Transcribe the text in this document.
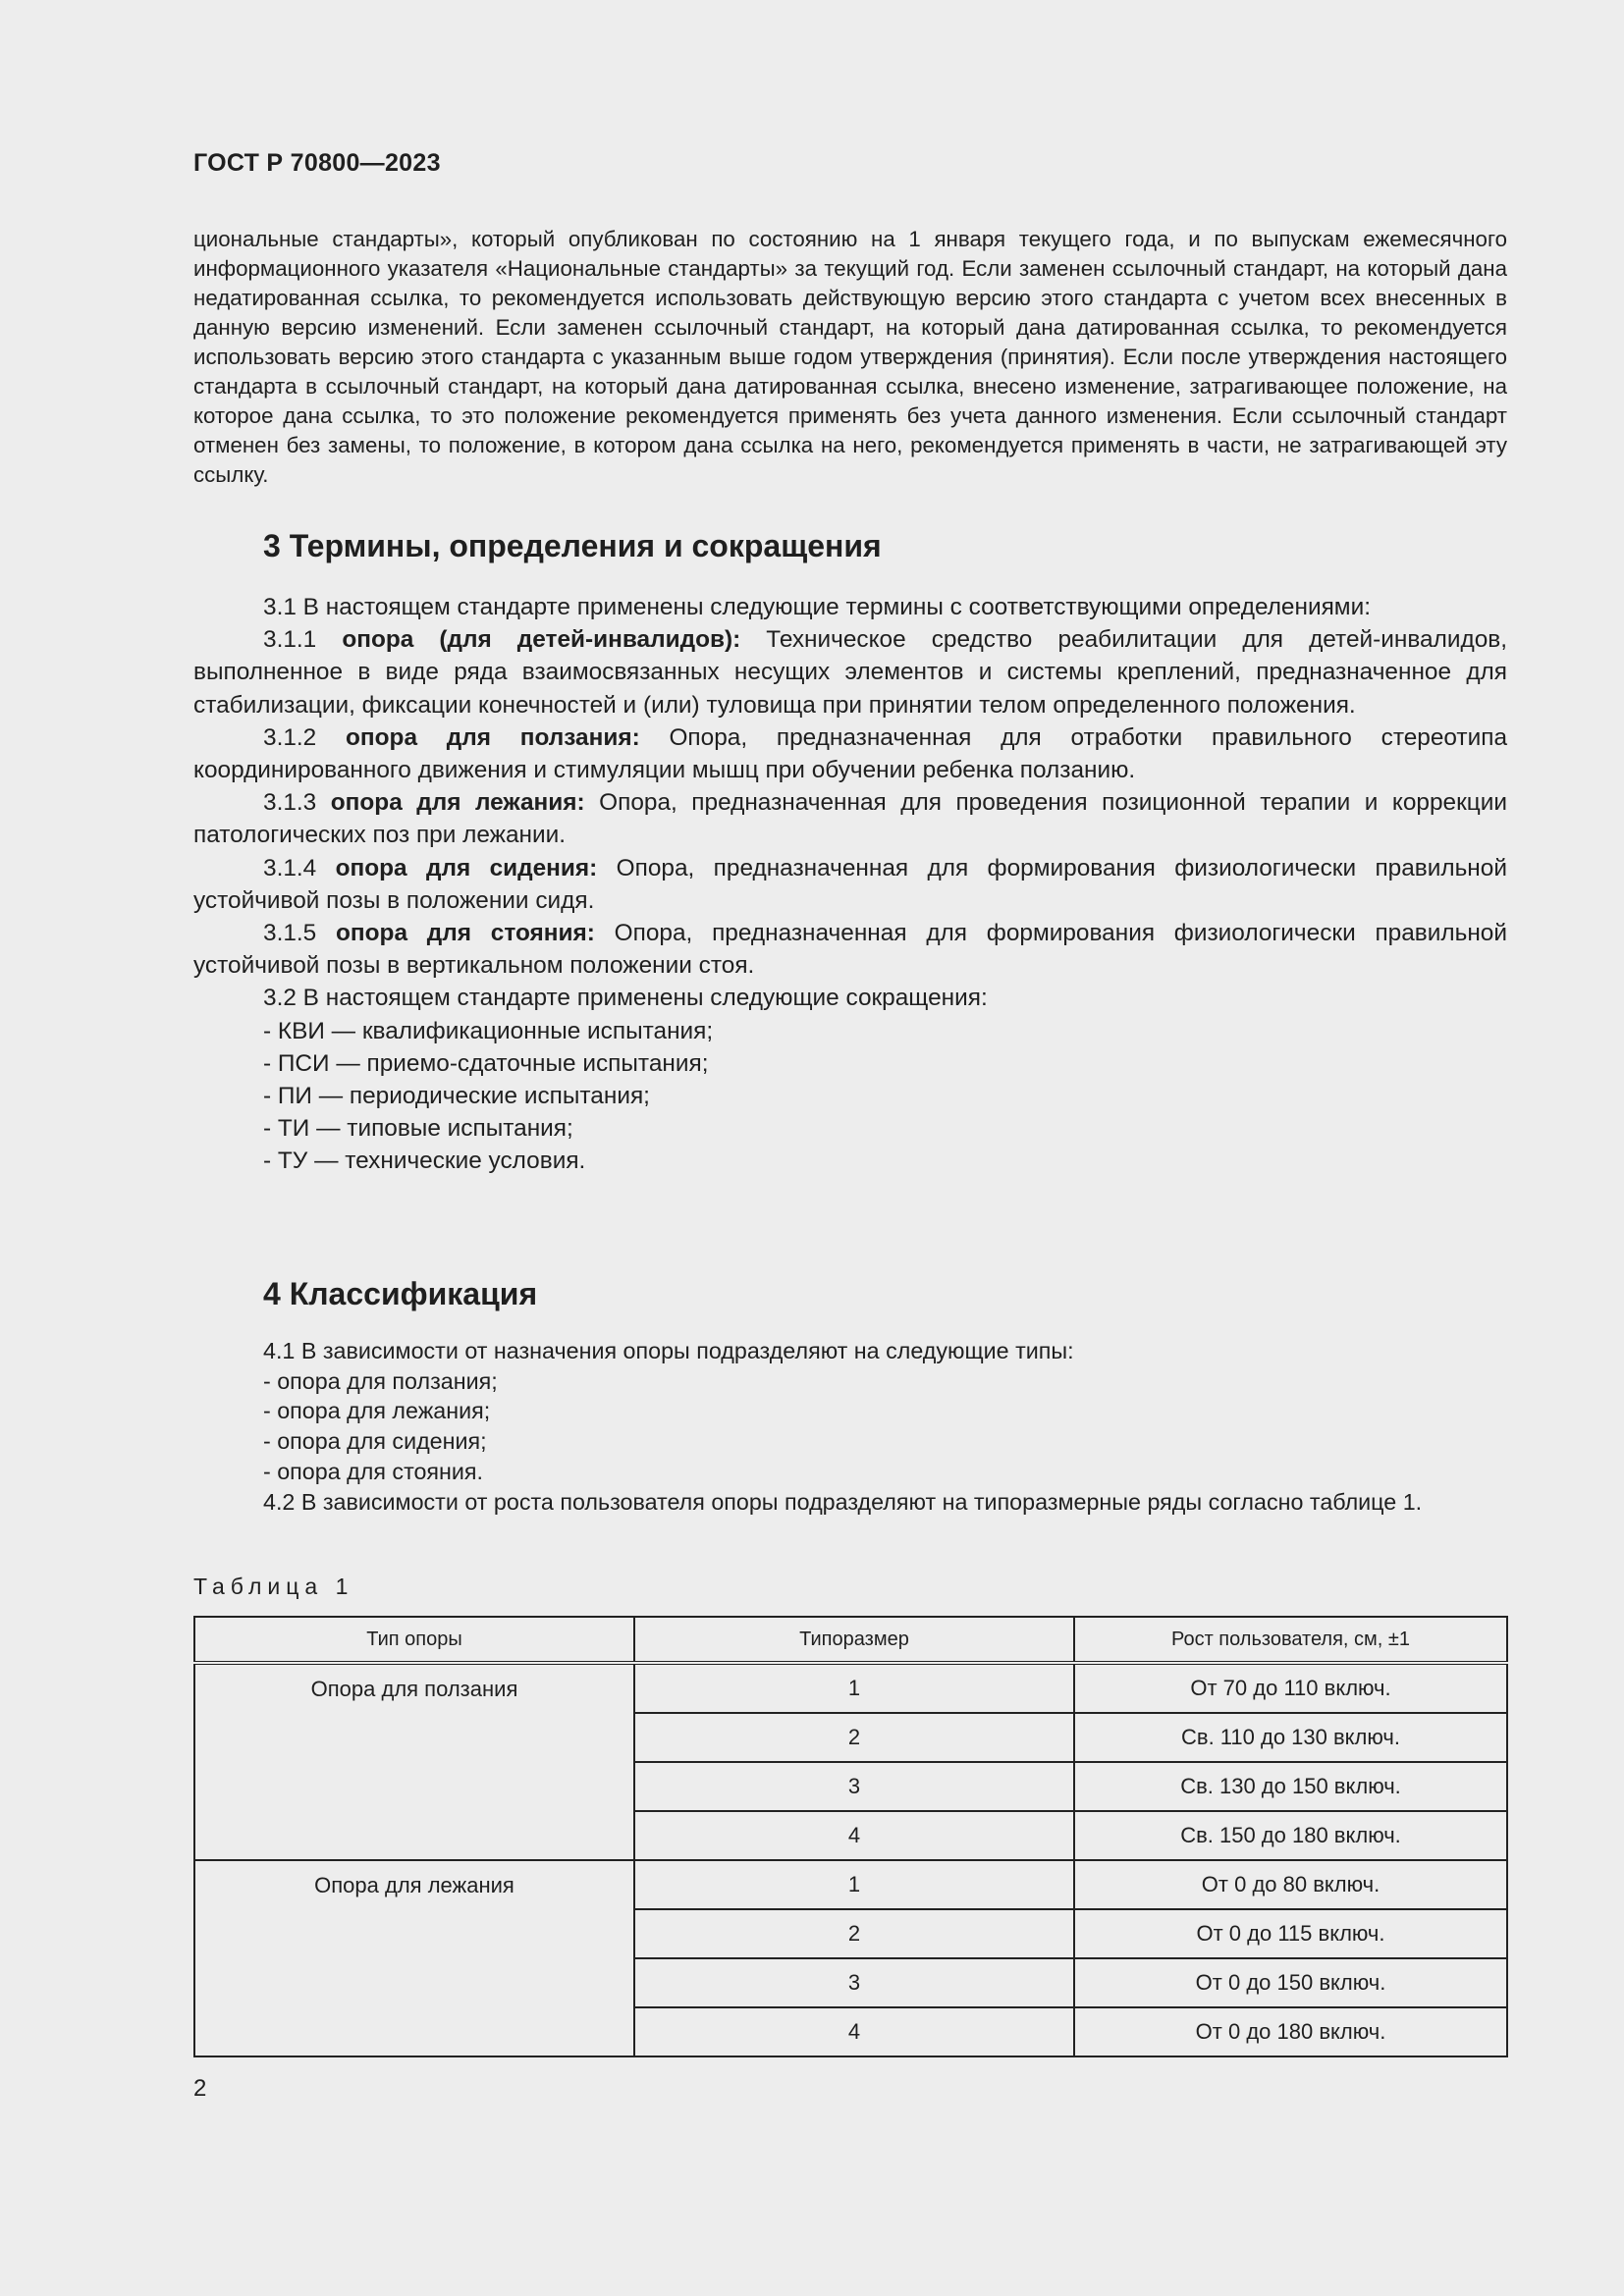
ГОСТ Р 70800—2023

циональные стандарты», который опубликован по состоянию на 1 января текущего года, и по выпускам ежемесячного информационного указателя «Национальные стандарты» за текущий год. Если заменен ссылочный стандарт, на который дана недатированная ссылка, то рекомендуется использовать действующую версию этого стандарта с учетом всех внесенных в данную версию изменений. Если заменен ссылочный стандарт, на который дана датированная ссылка, то рекомендуется использовать версию этого стандарта с указанным выше годом утверждения (принятия). Если после утверждения настоящего стандарта в ссылочный стандарт, на который дана датированная ссылка, внесено изменение, затрагивающее положение, на которое дана ссылка, то это положение рекомендуется применять без учета данного изменения. Если ссылочный стандарт отменен без замены, то положение, в котором дана ссылка на него, рекомендуется применять в части, не затрагивающей эту ссылку.

3 Термины, определения и сокращения

3.1 В настоящем стандарте применены следующие термины с соответствующими определениями:

3.1.1 опора (для детей-инвалидов): Техническое средство реабилитации для детей-инвалидов, выполненное в виде ряда взаимосвязанных несущих элементов и системы креплений, предназначенное для стабилизации, фиксации конечностей и (или) туловища при принятии телом определенного положения.

3.1.2 опора для ползания: Опора, предназначенная для отработки правильного стереотипа координированного движения и стимуляции мышц при обучении ребенка ползанию.

3.1.3 опора для лежания: Опора, предназначенная для проведения позиционной терапии и коррекции патологических поз при лежании.

3.1.4 опора для сидения: Опора, предназначенная для формирования физиологически правильной устойчивой позы в положении сидя.

3.1.5 опора для стояния: Опора, предназначенная для формирования физиологически правильной устойчивой позы в вертикальном положении стоя.

3.2 В настоящем стандарте применены следующие сокращения:

- КВИ — квалификационные испытания;

- ПСИ — приемо-сдаточные испытания;

- ПИ — периодические испытания;

- ТИ — типовые испытания;

- ТУ — технические условия.

4 Классификация

4.1 В зависимости от назначения опоры подразделяют на следующие типы:

- опора для ползания;

- опора для лежания;

- опора для сидения;

- опора для стояния.

4.2 В зависимости от роста пользователя опоры подразделяют на типоразмерные ряды согласно таблице 1.

Таблица 1
Тип опоры	Типоразмер	Рост пользователя, см, ±1
Опора для ползания	1	От 70 до 110 включ.
	2	Св. 110 до 130 включ.
	3	Св. 130 до 150 включ.
	4	Св. 150 до 180 включ.
Опора для лежания	1	От 0 до 80 включ.
	2	От 0 до 115 включ.
	3	От 0 до 150 включ.
	4	От 0 до 180 включ.
2
